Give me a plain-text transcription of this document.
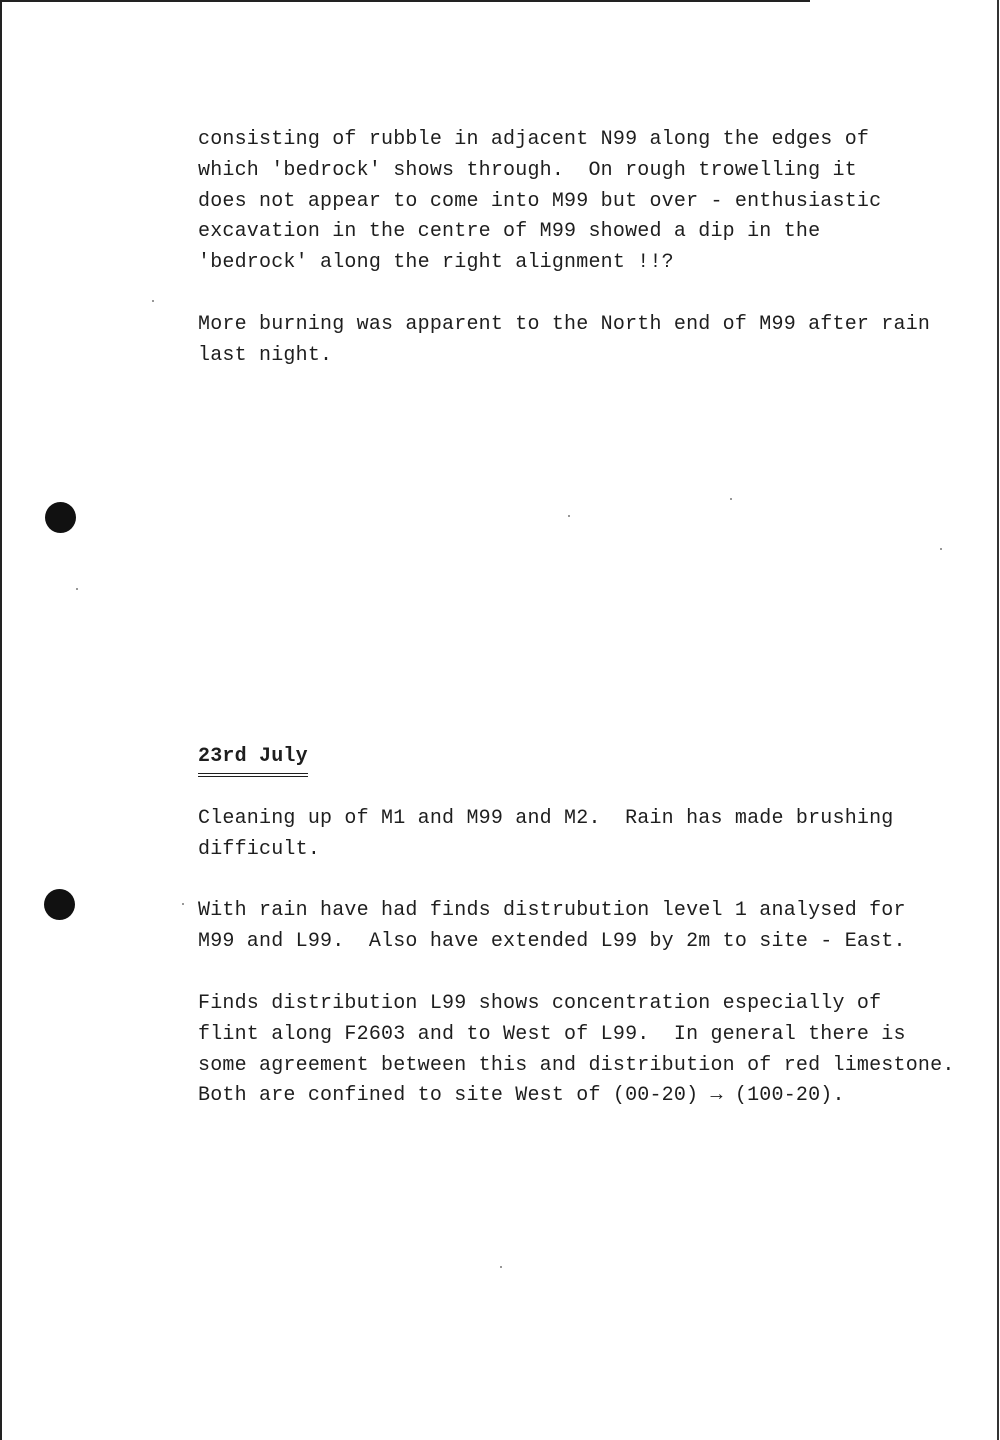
consisting of rubble in adjacent N99 along the edges of
which 'bedrock' shows through.  On rough trowelling it
does not appear to come into M99 but over - enthusiastic
excavation in the centre of M99 showed a dip in the
'bedrock' along the right alignment !!?

More burning was apparent to the North end of M99 after rain
last night.

23rd July

Cleaning up of M1 and M99 and M2.  Rain has made brushing
difficult.

With rain have had finds distrubution level 1 analysed for
M99 and L99.  Also have extended L99 by 2m to site - East.

Finds distribution L99 shows concentration especially of
flint along F2603 and to West of L99.  In general there is
some agreement between this and distribution of red limestone.
Both are confined to site West of (00-20) → (100-20).
